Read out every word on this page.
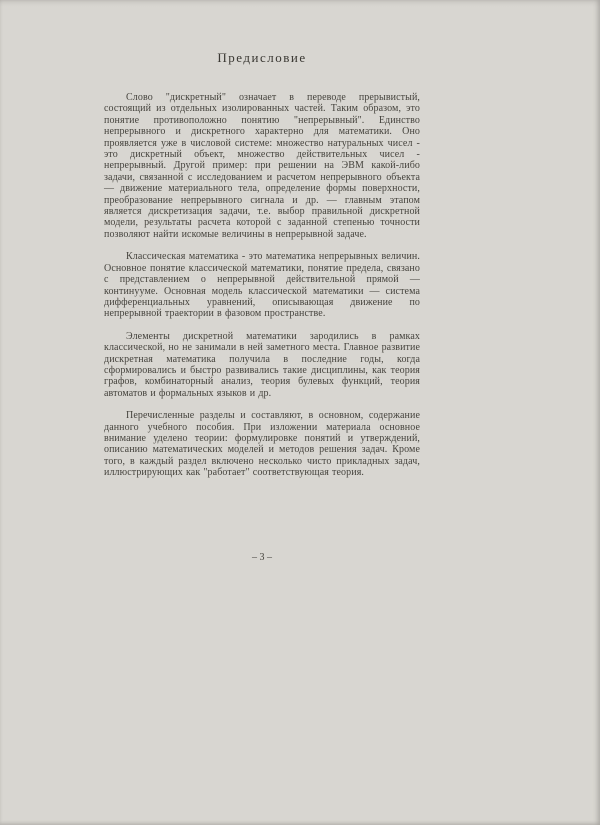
Предисловие

Слово "дискретный" означает в переводе прерывистый, состоящий из отдельных изолированных частей. Таким образом, это понятие противоположно понятию "непрерывный". Единство непрерывного и дискретного характерно для математики. Оно проявляется уже в числовой системе: множество натуральных чисел - это дискретный объект, множество действительных чисел - непрерывный. Другой пример: при решении на ЭВМ какой-либо задачи, связанной с исследованием и расчетом непрерывного объекта — движение материального тела, определение формы поверхности, преобразование непрерывного сигнала и др. — главным этапом является дискретизация задачи, т.е. выбор правильной дискретной модели, результаты расчета которой с заданной степенью точности позволяют найти искомые величины в непрерывной задаче.

Классическая математика - это математика непрерывных величин. Основное понятие классической математики, понятие предела, связано с представлением о непрерывной действительной прямой — континууме. Основная модель классической математики — система дифференциальных уравнений, описывающая движение по непрерывной траектории в фазовом пространстве.

Элементы дискретной математики зародились в рамках классической, но не занимали в ней заметного места. Главное развитие дискретная математика получила в последние годы, когда сформировались и быстро развивались такие дисциплины, как теория графов, комбинаторный анализ, теория булевых функций, теория автоматов и формальных языков и др.

Перечисленные разделы и составляют, в основном, содержание данного учебного пособия. При изложении материала основное внимание уделено теории: формулировке понятий и утверждений, описанию математических моделей и методов решения задач. Кроме того, в каждый раздел включено несколько чисто прикладных задач, иллюстрирующих как "работает" соответствующая теория.

– 3 –
